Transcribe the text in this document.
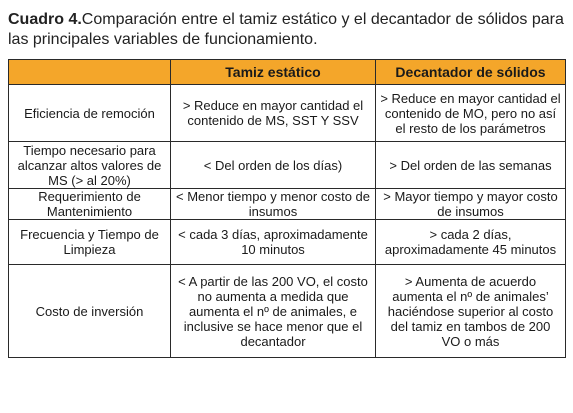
Cuadro 4.Comparación entre el tamiz estático y el decantador de sólidos para las principales variables de funcionamiento.
	Tamiz estático	Decantador de sólidos
Eficiencia de remoción	> Reduce en mayor cantidad el contenido de MS, SST Y SSV	> Reduce en mayor cantidad el contenido de MO, pero no así el resto de los parámetros
Tiempo necesario para alcanzar altos valores de MS (> al 20%)	< Del orden de los días)	> Del orden de las semanas
Requerimiento de Mantenimiento	< Menor tiempo y menor costo de insumos	> Mayor tiempo y mayor costo de insumos
Frecuencia y Tiempo de Limpieza	< cada 3 días, aproximadamente 10 minutos	> cada 2 días, aproximadamente 45 minutos
Costo de inversión	< A partir de las 200 VO, el costo no aumenta a medida que aumenta el nº de animales, e inclusive se hace menor que el decantador	> Aumenta de acuerdo aumenta el nº de animales’ haciéndose superior al costo del tamiz en tambos de 200 VO o más
